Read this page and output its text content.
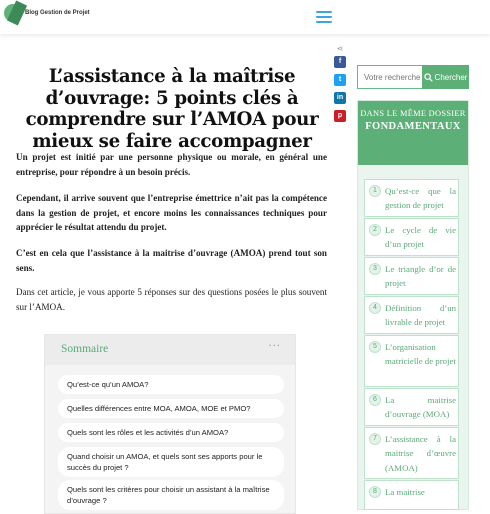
Blog Gestion de Projet
⋖
f
t
in
p
L’assistance à la maîtrise d’ouvrage: 5 points clés à comprendre sur l’AMOA pour mieux se faire accompagner

Un projet est initié par une personne physique ou morale, en général une entreprise, pour répondre à un besoin précis.

Cependant, il arrive souvent que l’entreprise émettrice n’ait pas la compétence dans la gestion de projet, et encore moins les connaissances techniques pour apprécier le résultat attendu du projet.

C’est en cela que l’assistance à la maitrise d’ouvrage (AMOA) prend tout son sens.

Dans cet article, je vous apporte 5 réponses sur des questions posées le plus souvent sur l’AMOA.

Sommaire	···
Qu’est-ce qu’un AMOA?
Quelles différences entre MOA, AMOA, MOE et PMO?
Quels sont les rôles et les activités d’un AMOA?
Quand choisir un AMOA, et quels sont ses apports pour le succès du projet ?
Quels sont les critères pour choisir un assistant à la maîtrise d’ouvrage ?
Votre recherche
Chercher
DANS LE MÊME DOSSIER
FONDAMENTAUX
1 Qu’est-ce que la gestion de projet
2 Le cycle de vie d’un projet
3 Le triangle d’or de projet
4 Définition d’un livrable de projet
5 L’organisation matricielle de projet
6 La maitrise d’ouvrage (MOA)
7 L’assistance à la maitrise d’œuvre (AMOA)
8 La maitrise
